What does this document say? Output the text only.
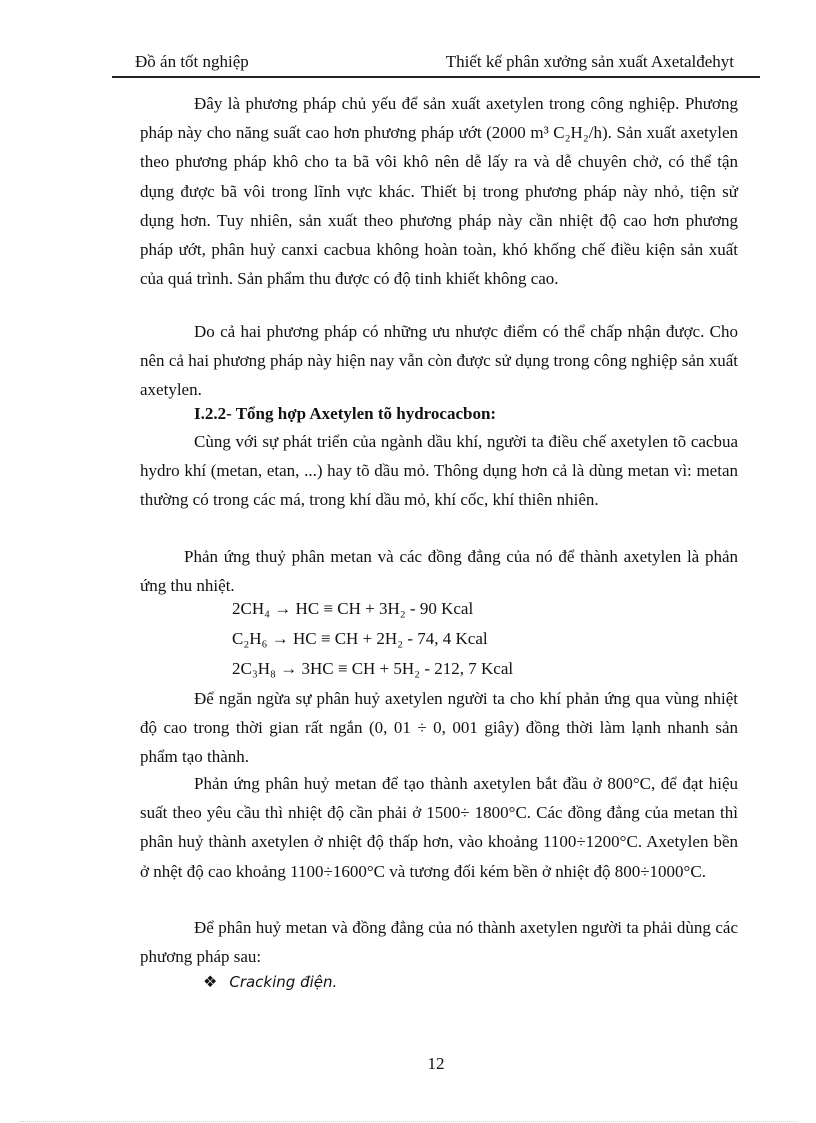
Đồ án tốt nghiệp	Thiết kế phân xưởng sản xuất Axetalđehyt
Đây là phương pháp chủ yếu để sản xuất axetylen trong công nghiệp. Phương pháp này cho năng suất cao hơn phương pháp ướt (2000 m³ C₂H₂/h). Sản xuất axetylen theo phương pháp khô cho ta bã vôi khô nên dễ lấy ra và dễ chuyên chở, có thể tận dụng được bã vôi trong lĩnh vực khác. Thiết bị trong phương pháp này nhỏ, tiện sử dụng hơn. Tuy nhiên, sản xuất theo phương pháp này cần nhiệt độ cao hơn phương pháp ướt, phân huỷ canxi cacbua không hoàn toàn, khó khống chế điều kiện sản xuất của quá trình. Sản phẩm thu được có độ tinh khiết không cao.
Do cả hai phương pháp có những ưu nhược điểm có thể chấp nhận được. Cho nên cả hai phương pháp này hiện nay vẫn còn được sử dụng trong công nghiệp sản xuất axetylen.
I.2.2- Tổng hợp Axetylen tõ hydrocacbon:
Cùng với sự phát triển của ngành dầu khí, người ta điều chế axetylen tõ cacbua hydro khí (metan, etan, ...) hay tõ dầu mỏ. Thông dụng hơn cả là dùng metan vì: metan thường có trong các má, trong khí dầu mỏ, khí cốc, khí thiên nhiên.
Phản ứng thuỷ phân metan và các đồng đẳng của nó để thành axetylen là phản ứng thu nhiệt.
2CH₄ → HC ≡ CH + 3H₂ - 90 Kcal
C₂H₆ → HC ≡ CH + 2H₂ - 74, 4 Kcal
2C₃H₈ → 3HC ≡ CH + 5H₂ - 212, 7 Kcal
Để ngăn ngừa sự phân huỷ axetylen người ta cho khí phản ứng qua vùng nhiệt độ cao trong thời gian rất ngắn (0, 01 ÷ 0, 001 giây) đồng thời làm lạnh nhanh sản phẩm tạo thành.
Phản ứng phân huỷ metan để tạo thành axetylen bắt đầu ở 800°C, để đạt hiệu suất theo yêu cầu thì nhiệt độ cần phải ở 1500÷ 1800°C. Các đồng đẳng của metan thì phân huỷ thành axetylen ở nhiệt độ thấp hơn, vào khoảng 1100÷1200°C. Axetylen bền ở nhệt độ cao khoảng 1100÷1600°C và tương đối kém bền ở nhiệt độ 800÷1000°C.
Để phân huỷ metan và đồng đẳng của nó thành axetylen người ta phải dùng các phương pháp sau:
❖ Cracking điện.
12
